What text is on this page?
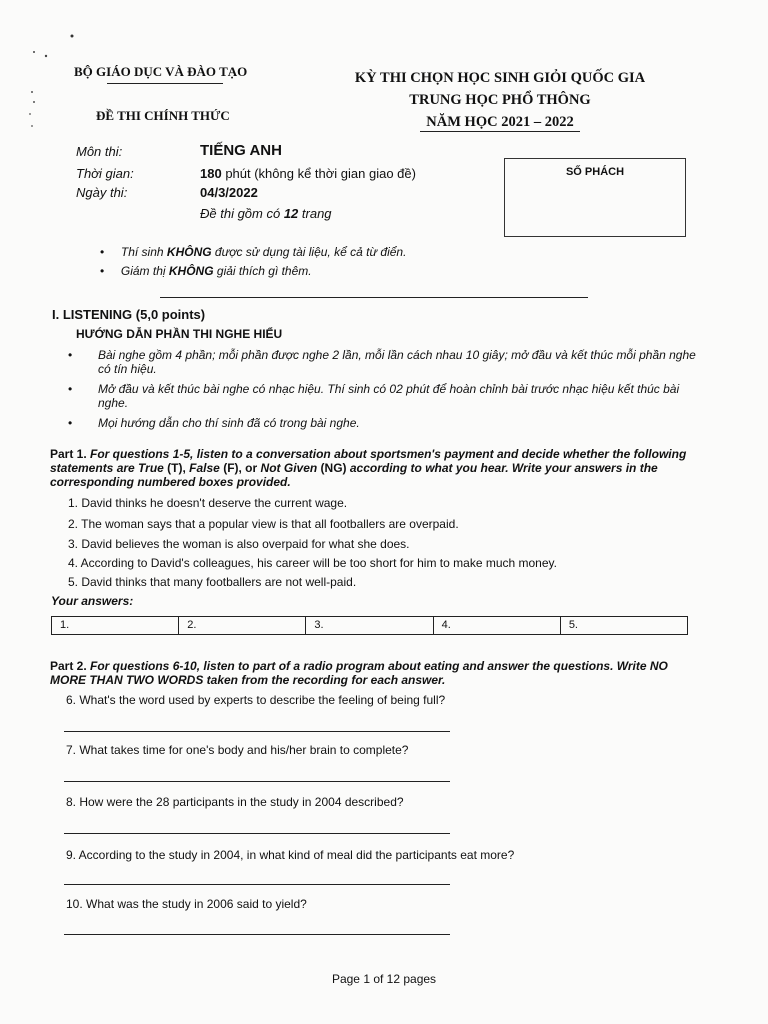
BỘ GIÁO DỤC VÀ ĐÀO TẠO
ĐỀ THI CHÍNH THỨC
KỲ THI CHỌN HỌC SINH GIỎI QUỐC GIA
TRUNG HỌC PHỔ THÔNG
NĂM HỌC 2021 – 2022
Môn thi:	TIẾNG ANH
Thời gian:	180 phút (không kể thời gian giao đề)
Ngày thi:	04/3/2022
Đề thi gồm có 12 trang
SỐ PHÁCH
• Thí sinh KHÔNG được sử dụng tài liệu, kể cả từ điển.
• Giám thị KHÔNG giải thích gì thêm.
I. LISTENING (5,0 points)
HƯỚNG DẪN PHẦN THI NGHE HIỂU
• Bài nghe gồm 4 phần; mỗi phần được nghe 2 lần, mỗi lần cách nhau 10 giây; mở đầu và kết thúc mỗi phần nghe có tín hiệu.
• Mở đầu và kết thúc bài nghe có nhạc hiệu. Thí sinh có 02 phút để hoàn chỉnh bài trước nhạc hiệu kết thúc bài nghe.
• Mọi hướng dẫn cho thí sinh đã có trong bài nghe.
Part 1. For questions 1-5, listen to a conversation about sportsmen's payment and decide whether the following statements are True (T), False (F), or Not Given (NG) according to what you hear. Write your answers in the corresponding numbered boxes provided.
1. David thinks he doesn't deserve the current wage.
2. The woman says that a popular view is that all footballers are overpaid.
3. David believes the woman is also overpaid for what she does.
4. According to David's colleagues, his career will be too short for him to make much money.
5. David thinks that many footballers are not well-paid.
Your answers:
1.	2.	3.	4.	5.
Part 2. For questions 6-10, listen to part of a radio program about eating and answer the questions. Write NO MORE THAN TWO WORDS taken from the recording for each answer.
6. What's the word used by experts to describe the feeling of being full?
7. What takes time for one's body and his/her brain to complete?
8. How were the 28 participants in the study in 2004 described?
9. According to the study in 2004, in what kind of meal did the participants eat more?
10. What was the study in 2006 said to yield?
Page 1 of 12 pages
